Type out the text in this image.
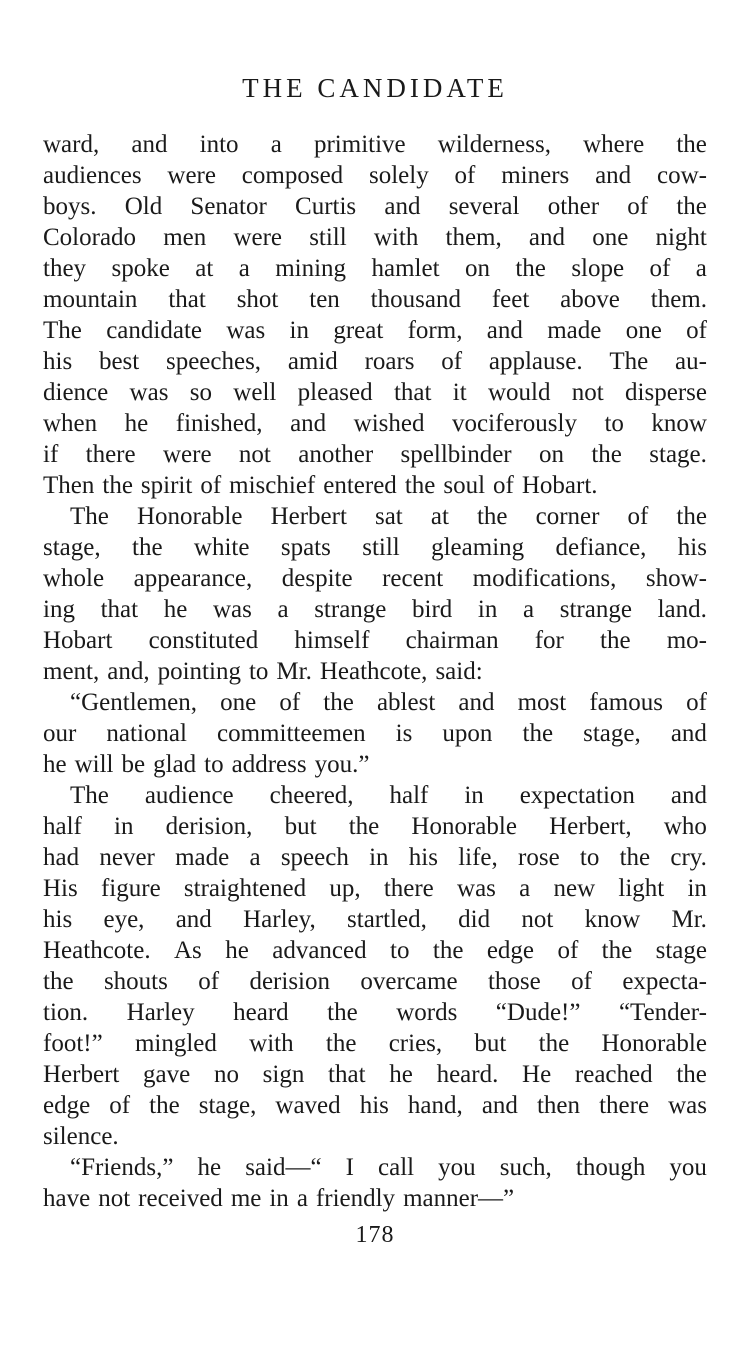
THE CANDIDATE
ward, and into a primitive wilderness, where the
audiences were composed solely of miners and cow-
boys. Old Senator Curtis and several other of the
Colorado men were still with them, and one night
they spoke at a mining hamlet on the slope of a
mountain that shot ten thousand feet above them.
The candidate was in great form, and made one of
his best speeches, amid roars of applause. The au-
dience was so well pleased that it would not disperse
when he finished, and wished vociferously to know
if there were not another spellbinder on the stage.
Then the spirit of mischief entered the soul of Hobart.
The Honorable Herbert sat at the corner of the
stage, the white spats still gleaming defiance, his
whole appearance, despite recent modifications, show-
ing that he was a strange bird in a strange land.
Hobart constituted himself chairman for the mo-
ment, and, pointing to Mr. Heathcote, said:
“Gentlemen, one of the ablest and most famous of
our national committeemen is upon the stage, and
he will be glad to address you.”
The audience cheered, half in expectation and
half in derision, but the Honorable Herbert, who
had never made a speech in his life, rose to the cry.
His figure straightened up, there was a new light in
his eye, and Harley, startled, did not know Mr.
Heathcote. As he advanced to the edge of the stage
the shouts of derision overcame those of expecta-
tion. Harley heard the words “Dude!” “Tender-
foot!” mingled with the cries, but the Honorable
Herbert gave no sign that he heard. He reached the
edge of the stage, waved his hand, and then there was
silence.
“Friends,” he said—“ I call you such, though you
have not received me in a friendly manner—”
178
